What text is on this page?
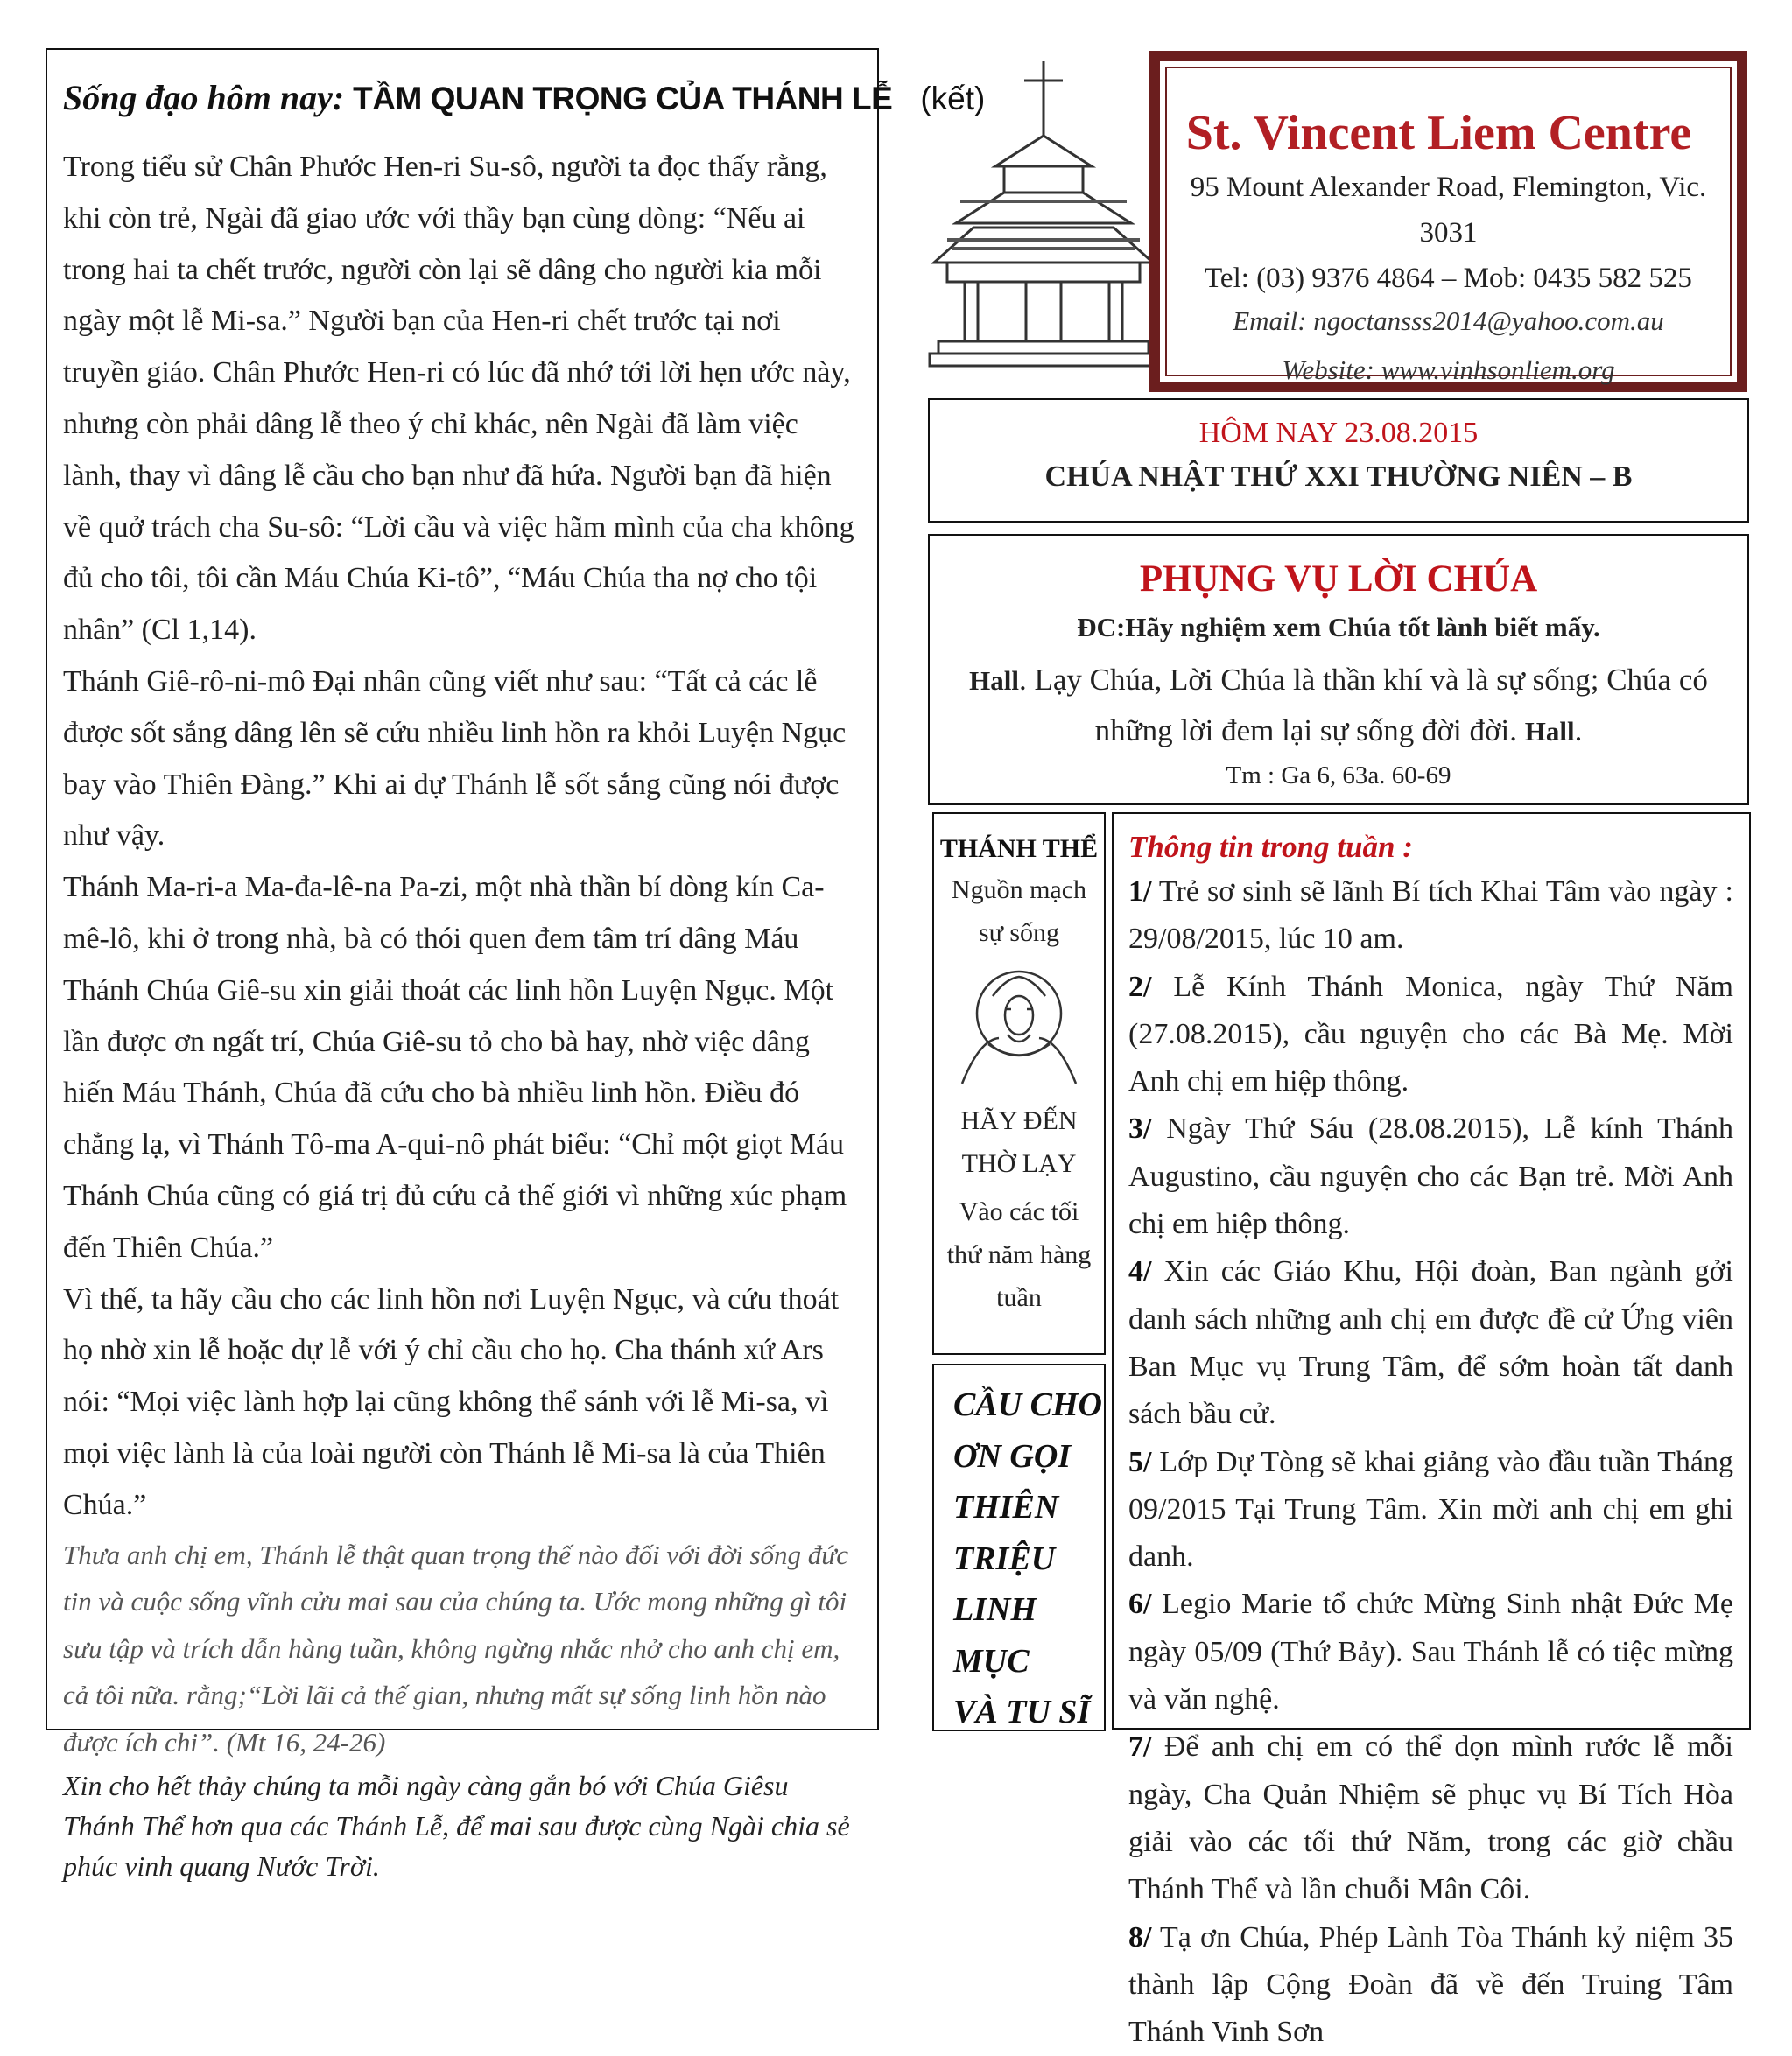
Sống đạo hôm nay: TẦM QUAN TRỌNG CỦA THÁNH LỄ (kết)

Trong tiểu sử Chân Phước Hen-ri Su-sô, người ta đọc thấy rằng, khi còn trẻ, Ngài đã giao ước với thầy bạn cùng dòng: “Nếu ai trong hai ta chết trước, người còn lại sẽ dâng cho người kia mỗi ngày một lễ Mi-sa.” Người bạn của Hen-ri chết trước tại nơi truyền giáo. Chân Phước Hen-ri có lúc đã nhớ tới lời hẹn ước này, nhưng còn phải dâng lễ theo ý chỉ khác, nên Ngài đã làm việc lành, thay vì dâng lễ cầu cho bạn như đã hứa. Người bạn đã hiện về quở trách cha Su-sô: “Lời cầu và việc hãm mình của cha không đủ cho tôi, tôi cần Máu Chúa Ki-tô”, “Máu Chúa tha nợ cho tội nhân” (Cl 1,14).

Thánh Giê-rô-ni-mô Đại nhân cũng viết như sau: “Tất cả các lễ được sốt sắng dâng lên sẽ cứu nhiều linh hồn ra khỏi Luyện Ngục bay vào Thiên Đàng.” Khi ai dự Thánh lễ sốt sắng cũng nói được như vậy.

Thánh Ma-ri-a Ma-đa-lê-na Pa-zi, một nhà thần bí dòng kín Ca-mê-lô, khi ở trong nhà, bà có thói quen đem tâm trí dâng Máu Thánh Chúa Giê-su xin giải thoát các linh hồn Luyện Ngục. Một lần được ơn ngất trí, Chúa Giê-su tỏ cho bà hay, nhờ việc dâng hiến Máu Thánh, Chúa đã cứu cho bà nhiều linh hồn. Điều đó chẳng lạ, vì Thánh Tô-ma A-qui-nô phát biểu: “Chỉ một giọt Máu Thánh Chúa cũng có giá trị đủ cứu cả thế giới vì những xúc phạm đến Thiên Chúa.”

Vì thế, ta hãy cầu cho các linh hồn nơi Luyện Ngục, và cứu thoát họ nhờ xin lễ hoặc dự lễ với ý chỉ cầu cho họ. Cha thánh xứ Ars nói: “Mọi việc lành hợp lại cũng không thể sánh với lễ Mi-sa, vì mọi việc lành là của loài người còn Thánh lễ Mi-sa là của Thiên Chúa.”

Thưa anh chị em, Thánh lễ thật quan trọng thế nào đối với đời sống đức tin và cuộc sống vĩnh cửu mai sau của chúng ta. Ước mong những gì tôi sưu tập và trích dẫn hàng tuần, không ngừng nhắc nhở cho anh chị em, cả tôi nữa. rằng;“Lời lãi cả thế gian, nhưng mất sự sống linh hồn nào được ích chi”. (Mt 16, 24-26)

Xin cho hết thảy chúng ta mỗi ngày càng gắn bó với Chúa Giêsu Thánh Thể hơn qua các Thánh Lễ, để mai sau được cùng Ngài chia sẻ phúc vinh quang Nước Trời.

St. Vincent Liem Centre
95 Mount Alexander Road, Flemington, Vic. 3031
Tel: (03) 9376 4864 – Mob: 0435 582 525
Email: ngoctansss2014@yahoo.com.au
Website: www.vinhsonliem.org
HÔM NAY 23.08.2015
CHÚA NHẬT THỨ XXI THƯỜNG NIÊN – B
PHỤNG VỤ LỜI CHÚA
ĐC:Hãy nghiệm xem Chúa tốt lành biết mấy.
Hall. Lạy Chúa, Lời Chúa là thần khí và là sự sống; Chúa có những lời đem lại sự sống đời đời. Hall.
Tm : Ga 6, 63a. 60-69
THÁNH THỂ
Nguồn mạch
sự sống
HÃY ĐẾN
THỜ LẠY
Vào các tối
thứ năm hàng
tuần
CẦU CHO
ƠN GỌI
THIÊN
TRIỆU
LINH MỤC
VÀ TU SĨ
Thông tin trong tuần :

1/ Trẻ sơ sinh sẽ lãnh Bí tích Khai Tâm vào ngày : 29/08/2015, lúc 10 am.

2/ Lễ Kính Thánh Monica, ngày Thứ Năm (27.08.2015), cầu nguyện cho các Bà Mẹ. Mời Anh chị em hiệp thông.

3/ Ngày Thứ Sáu (28.08.2015), Lễ kính Thánh Augustino, cầu nguyện cho các Bạn trẻ. Mời Anh chị em hiệp thông.

4/ Xin các Giáo Khu, Hội đoàn, Ban ngành gởi danh sách những anh chị em được đề cử Ứng viên Ban Mục vụ Trung Tâm, để sớm hoàn tất danh sách bầu cử.

5/ Lớp Dự Tòng sẽ khai giảng vào đầu tuần Tháng 09/2015 Tại Trung Tâm. Xin mời anh chị em ghi danh.

6/ Legio Marie tổ chức Mừng Sinh nhật Đức Mẹ ngày 05/09 (Thứ Bảy). Sau Thánh lễ có tiệc mừng và văn nghệ.

7/ Để anh chị em có thể dọn mình rước lễ mỗi ngày, Cha Quản Nhiệm sẽ phục vụ Bí Tích Hòa giải vào các tối thứ Năm, trong các giờ chầu Thánh Thể và lần chuỗi Mân Côi.

8/ Tạ ơn Chúa, Phép Lành Tòa Thánh kỷ niệm 35 thành lập Cộng Đoàn đã về đến Truing Tâm Thánh Vinh Sơn
